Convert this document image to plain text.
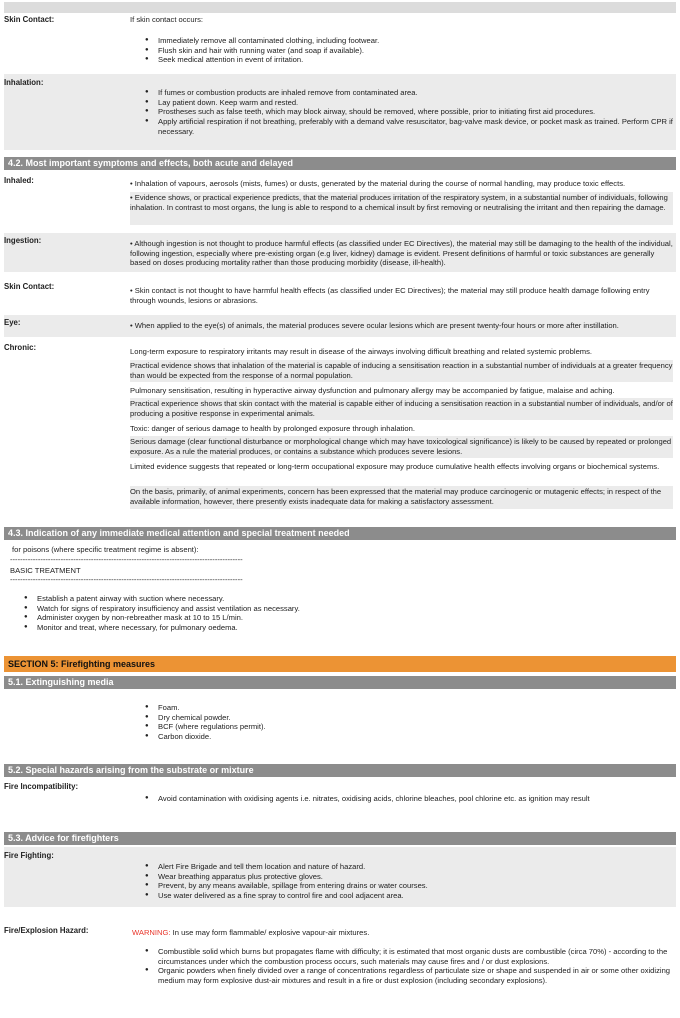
Skin Contact:	If skin contact occurs:
● Immediately remove all contaminated clothing, including footwear.
● Flush skin and hair with running water (and soap if available).
● Seek medical attention in event of irritation.
Inhalation:
● If fumes or combustion products are inhaled remove from contaminated area.
● Lay patient down. Keep warm and rested.
● Prostheses such as false teeth, which may block airway, should be removed, where possible, prior to initiating first aid procedures.
● Apply artificial respiration if not breathing, preferably with a demand valve resuscitator, bag-valve mask device, or pocket mask as trained. Perform CPR if necessary.
4.2. Most important symptoms and effects, both acute and delayed
Inhaled:	• Inhalation of vapours, aerosols (mists, fumes) or dusts, generated by the material during the course of normal handling, may produce toxic effects.
• Evidence shows, or practical experience predicts, that the material produces irritation of the respiratory system, in a substantial number of individuals, following inhalation. In contrast to most organs, the lung is able to respond to a chemical insult by first removing or neutralising the irritant and then repairing the damage.
Ingestion:	• Although ingestion is not thought to produce harmful effects (as classified under EC Directives), the material may still be damaging to the health of the individual, following ingestion, especially where pre-existing organ (e.g liver, kidney) damage is evident. Present definitions of harmful or toxic substances are generally based on doses producing mortality rather than those producing morbidity (disease, ill-health).
Skin Contact:	• Skin contact is not thought to have harmful health effects (as classified under EC Directives); the material may still produce health damage following entry through wounds, lesions or abrasions.
Eye:	• When applied to the eye(s) of animals, the material produces severe ocular lesions which are present twenty-four hours or more after instillation.
Chronic:	Long-term exposure to respiratory irritants may result in disease of the airways involving difficult breathing and related systemic problems.
Practical evidence shows that inhalation of the material is capable of inducing a sensitisation reaction in a substantial number of individuals at a greater frequency than would be expected from the response of a normal population.
Pulmonary sensitisation, resulting in hyperactive airway dysfunction and pulmonary allergy may be accompanied by fatigue, malaise and aching.
Practical experience shows that skin contact with the material is capable either of inducing a sensitisation reaction in a substantial number of individuals, and/or of producing a positive response in experimental animals.
Toxic: danger of serious damage to health by prolonged exposure through inhalation.
Serious damage (clear functional disturbance or morphological change which may have toxicological significance) is likely to be caused by repeated or prolonged exposure. As a rule the material produces, or contains a substance which produces severe lesions.
Limited evidence suggests that repeated or long-term occupational exposure may produce cumulative health effects involving organs or biochemical systems.
On the basis, primarily, of animal experiments, concern has been expressed that the material may produce carcinogenic or mutagenic effects; in respect of the available information, however, there presently exists inadequate data for making a satisfactory assessment.
4.3. Indication of any immediate medical attention and special treatment needed
for poisons (where specific treatment regime is absent):
--------------------------------------------------------------------------------------------
BASIC TREATMENT
--------------------------------------------------------------------------------------------
● Establish a patent airway with suction where necessary.
● Watch for signs of respiratory insufficiency and assist ventilation as necessary.
● Administer oxygen by non-rebreather mask at 10 to 15 L/min.
● Monitor and treat, where necessary, for pulmonary oedema.
SECTION 5: Firefighting measures
5.1. Extinguishing media
● Foam.
● Dry chemical powder.
● BCF (where regulations permit).
● Carbon dioxide.
5.2. Special hazards arising from the substrate or mixture
Fire Incompatibility:
● Avoid contamination with oxidising agents i.e. nitrates, oxidising acids, chlorine bleaches, pool chlorine etc. as ignition may result
5.3. Advice for firefighters
Fire Fighting:
● Alert Fire Brigade and tell them location and nature of hazard.
● Wear breathing apparatus plus protective gloves.
● Prevent, by any means available, spillage from entering drains or water courses.
● Use water delivered as a fine spray to control fire and cool adjacent area.
Fire/Explosion Hazard:	WARNING: In use may form flammable/ explosive vapour-air mixtures.
● Combustible solid which burns but propagates flame with difficulty; it is estimated that most organic dusts are combustible (circa 70%) - according to the circumstances under which the combustion process occurs, such materials may cause fires and / or dust explosions.
● Organic powders when finely divided over a range of concentrations regardless of particulate size or shape and suspended in air or some other oxidizing medium may form explosive dust-air mixtures and result in a fire or dust explosion (including secondary explosions).
